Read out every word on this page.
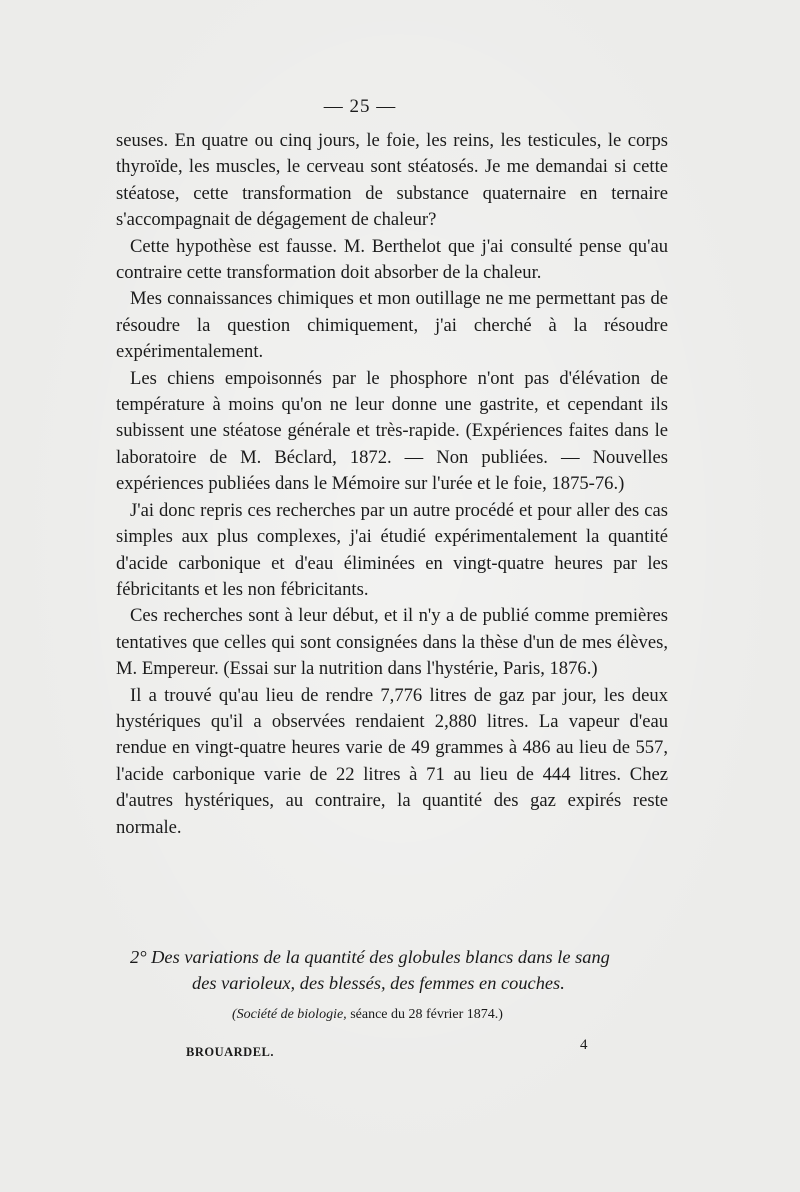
— 25 —

seuses. En quatre ou cinq jours, le foie, les reins, les testicules, le corps thyroïde, les muscles, le cerveau sont stéatosés. Je me demandai si cette stéatose, cette transformation de substance quaternaire en ternaire s'accompagnait de dégagement de chaleur?

Cette hypothèse est fausse. M. Berthelot que j'ai consulté pense qu'au contraire cette transformation doit absorber de la chaleur.

Mes connaissances chimiques et mon outillage ne me permettant pas de résoudre la question chimiquement, j'ai cherché à la résoudre expérimentalement.

Les chiens empoisonnés par le phosphore n'ont pas d'élévation de température à moins qu'on ne leur donne une gastrite, et cependant ils subissent une stéatose générale et très-rapide. (Expériences faites dans le laboratoire de M. Béclard, 1872. — Non publiées. — Nouvelles expériences publiées dans le Mémoire sur l'urée et le foie, 1875-76.)

J'ai donc repris ces recherches par un autre procédé et pour aller des cas simples aux plus complexes, j'ai étudié expérimentalement la quantité d'acide carbonique et d'eau éliminées en vingt-quatre heures par les fébricitants et les non fébricitants.

Ces recherches sont à leur début, et il n'y a de publié comme premières tentatives que celles qui sont consignées dans la thèse d'un de mes élèves, M. Empereur. (Essai sur la nutrition dans l'hystérie, Paris, 1876.)

Il a trouvé qu'au lieu de rendre 7,776 litres de gaz par jour, les deux hystériques qu'il a observées rendaient 2,880 litres. La vapeur d'eau rendue en vingt-quatre heures varie de 49 grammes à 486 au lieu de 557, l'acide carbonique varie de 22 litres à 71 au lieu de 444 litres. Chez d'autres hystériques, au contraire, la quantité des gaz expirés reste normale.

2° Des variations de la quantité des globules blancs dans le sang
des varioleux, des blessés, des femmes en couches.
(Société de biologie, séance du 28 février 1874.)
BROUARDEL.	4
